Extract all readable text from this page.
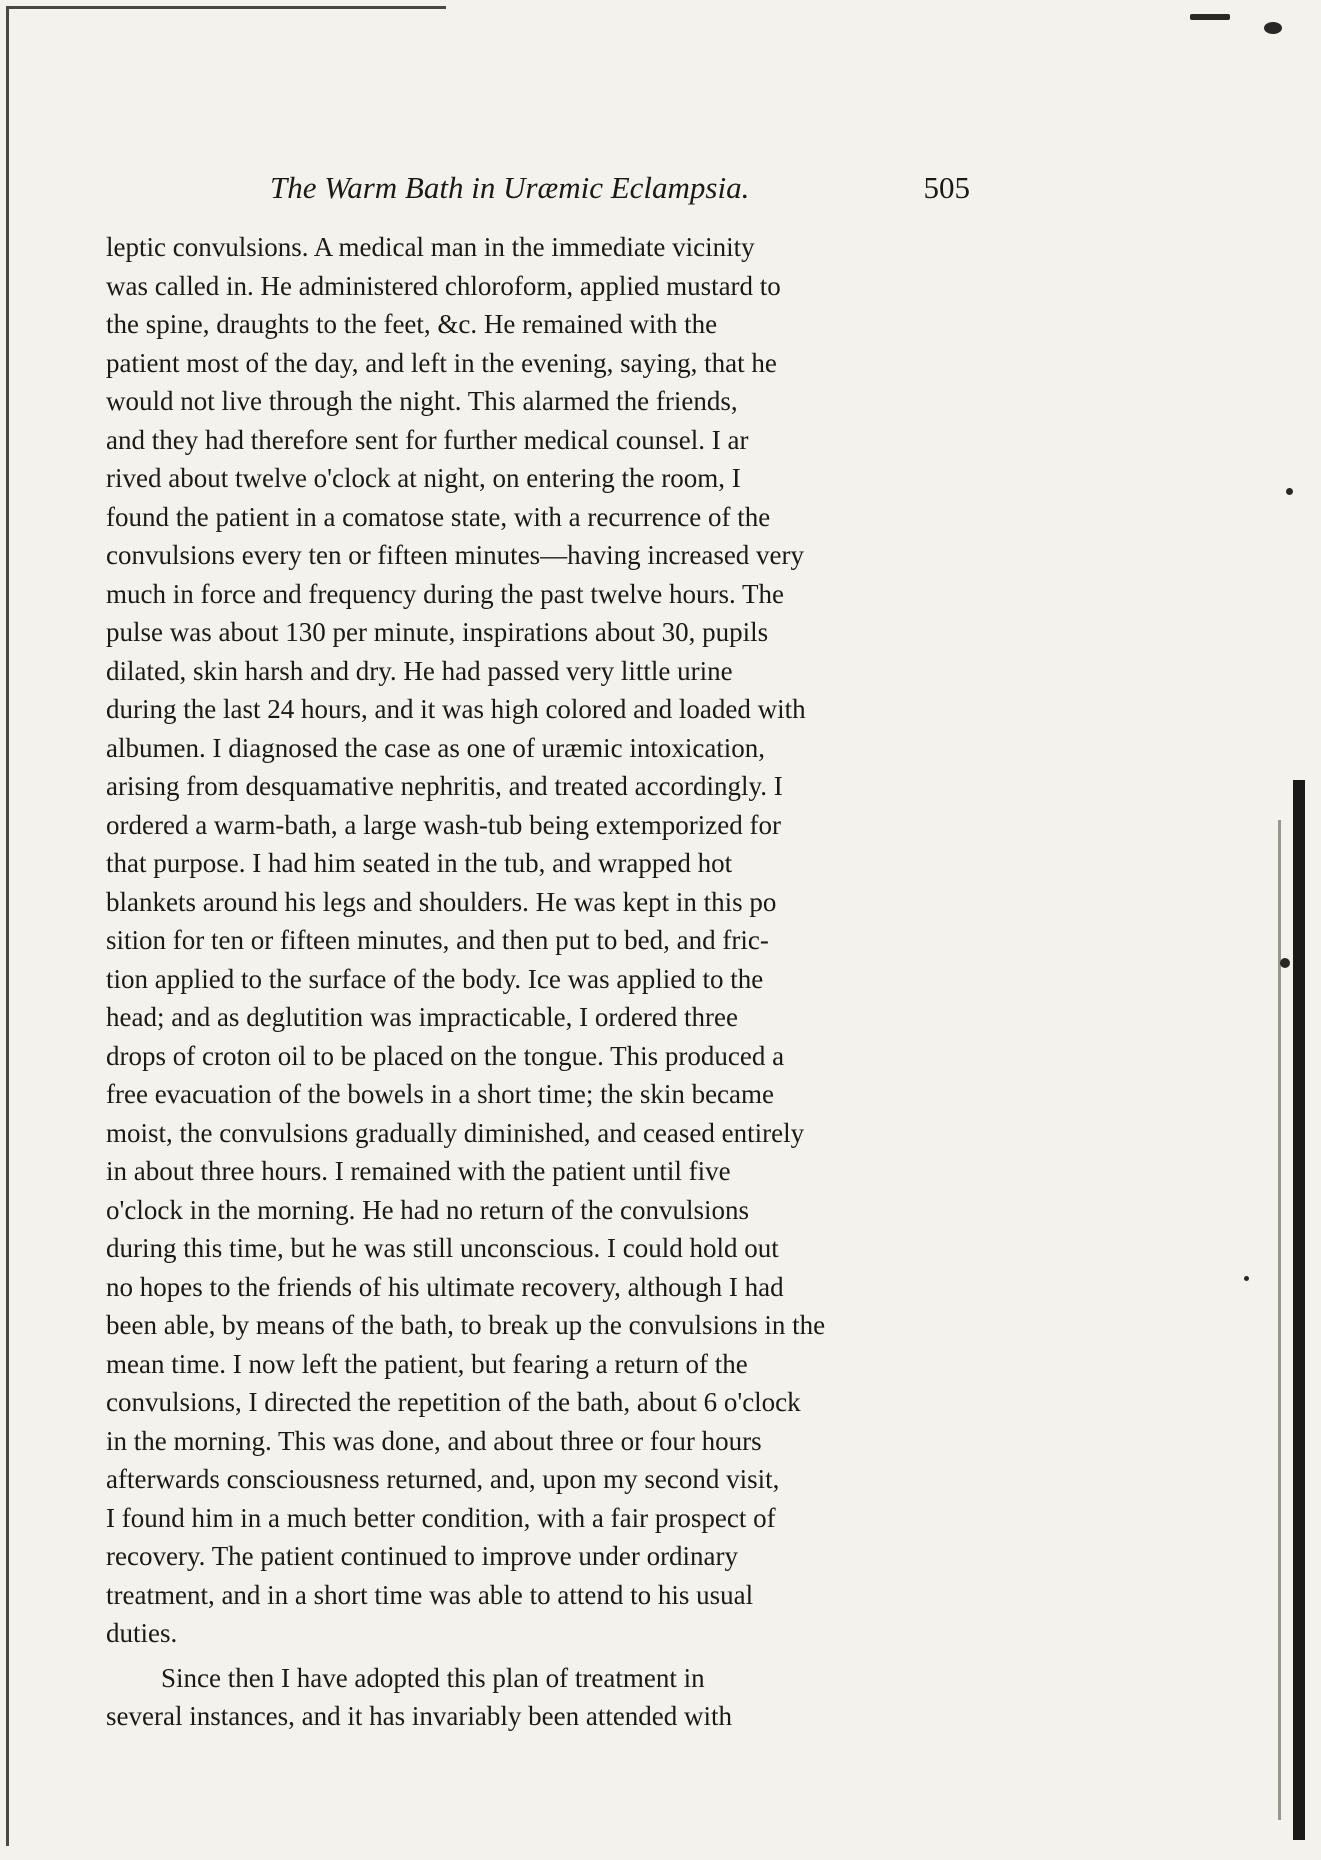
The Warm Bath in Uræmic Eclampsia.	505
leptic convulsions. A medical man in the immediate vicinity
was called in. He administered chloroform, applied mustard to
the spine, draughts to the feet, &c. He remained with the
patient most of the day, and left in the evening, saying, that he
would not live through the night. This alarmed the friends,
and they had therefore sent for further medical counsel. I ar
rived about twelve o'clock at night, on entering the room, I
found the patient in a comatose state, with a recurrence of the
convulsions every ten or fifteen minutes—having increased very
much in force and frequency during the past twelve hours. The
pulse was about 130 per minute, inspirations about 30, pupils
dilated, skin harsh and dry. He had passed very little urine
during the last 24 hours, and it was high colored and loaded with
albumen. I diagnosed the case as one of uræmic intoxication,
arising from desquamative nephritis, and treated accordingly. I
ordered a warm-bath, a large wash-tub being extemporized for
that purpose. I had him seated in the tub, and wrapped hot
blankets around his legs and shoulders. He was kept in this po
sition for ten or fifteen minutes, and then put to bed, and fric-
tion applied to the surface of the body. Ice was applied to the
head; and as deglutition was impracticable, I ordered three
drops of croton oil to be placed on the tongue. This produced a
free evacuation of the bowels in a short time; the skin became
moist, the convulsions gradually diminished, and ceased entirely
in about three hours. I remained with the patient until five
o'clock in the morning. He had no return of the convulsions
during this time, but he was still unconscious. I could hold out
no hopes to the friends of his ultimate recovery, although I had
been able, by means of the bath, to break up the convulsions in the
mean time. I now left the patient, but fearing a return of the
convulsions, I directed the repetition of the bath, about 6 o'clock
in the morning. This was done, and about three or four hours
afterwards consciousness returned, and, upon my second visit,
I found him in a much better condition, with a fair prospect of
recovery. The patient continued to improve under ordinary
treatment, and in a short time was able to attend to his usual
duties.
Since then I have adopted this plan of treatment in
several instances, and it has invariably been attended with
